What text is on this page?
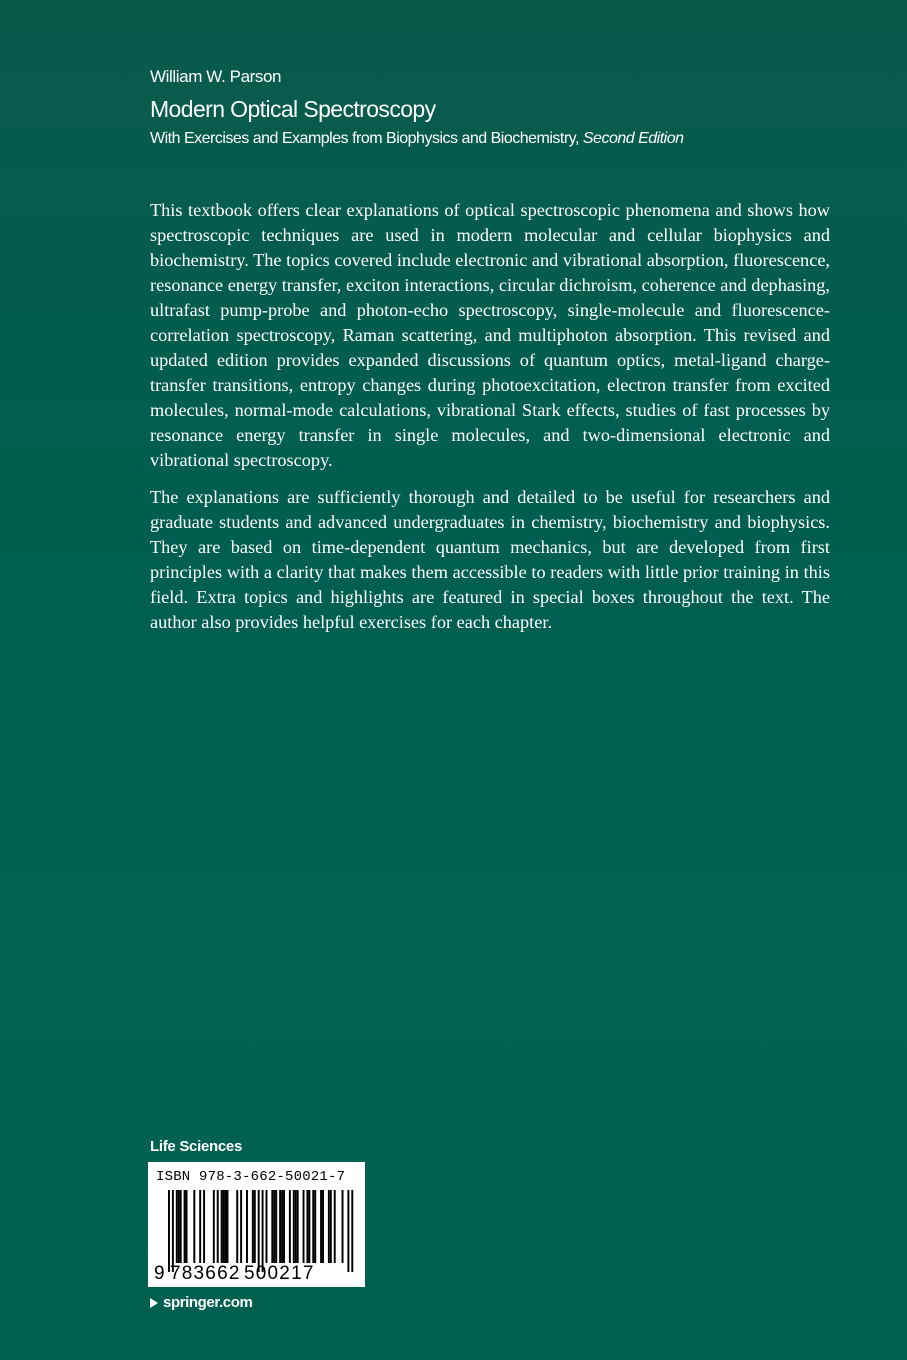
William W. Parson
Modern Optical Spectroscopy
With Exercises and Examples from Biophysics and Biochemistry, Second Edition

This textbook offers clear explanations of optical spectroscopic phenomena and shows how spectroscopic techniques are used in modern molecular and cellular biophysics and biochemistry. The topics covered include electronic and vibrational absorption, fluorescence, resonance energy transfer, exciton interactions, circular dichroism, coherence and dephasing, ultrafast pump-probe and photon-echo spectroscopy, single-molecule and fluorescence-correlation spectroscopy, Raman scattering, and multiphoton absorption. This revised and updated edition provides expanded discussions of quantum optics, metal-ligand charge-transfer transitions, entropy changes during photoexcitation, electron transfer from excited molecules, normal-mode calculations, vibrational Stark effects, studies of fast processes by resonance energy transfer in single molecules, and two-dimensional electronic and vibrational spectroscopy.

The explanations are sufficiently thorough and detailed to be useful for researchers and graduate students and advanced undergraduates in chemistry, biochemistry and biophysics. They are based on time-dependent quantum mechanics, but are developed from first principles with a clarity that makes them accessible to readers with little prior training in this field. Extra topics and highlights are featured in special boxes throughout the text. The author also provides helpful exercises for each chapter.

Life Sciences
ISBN 978-3-662-50021-7
9 783662 500217
springer.com
